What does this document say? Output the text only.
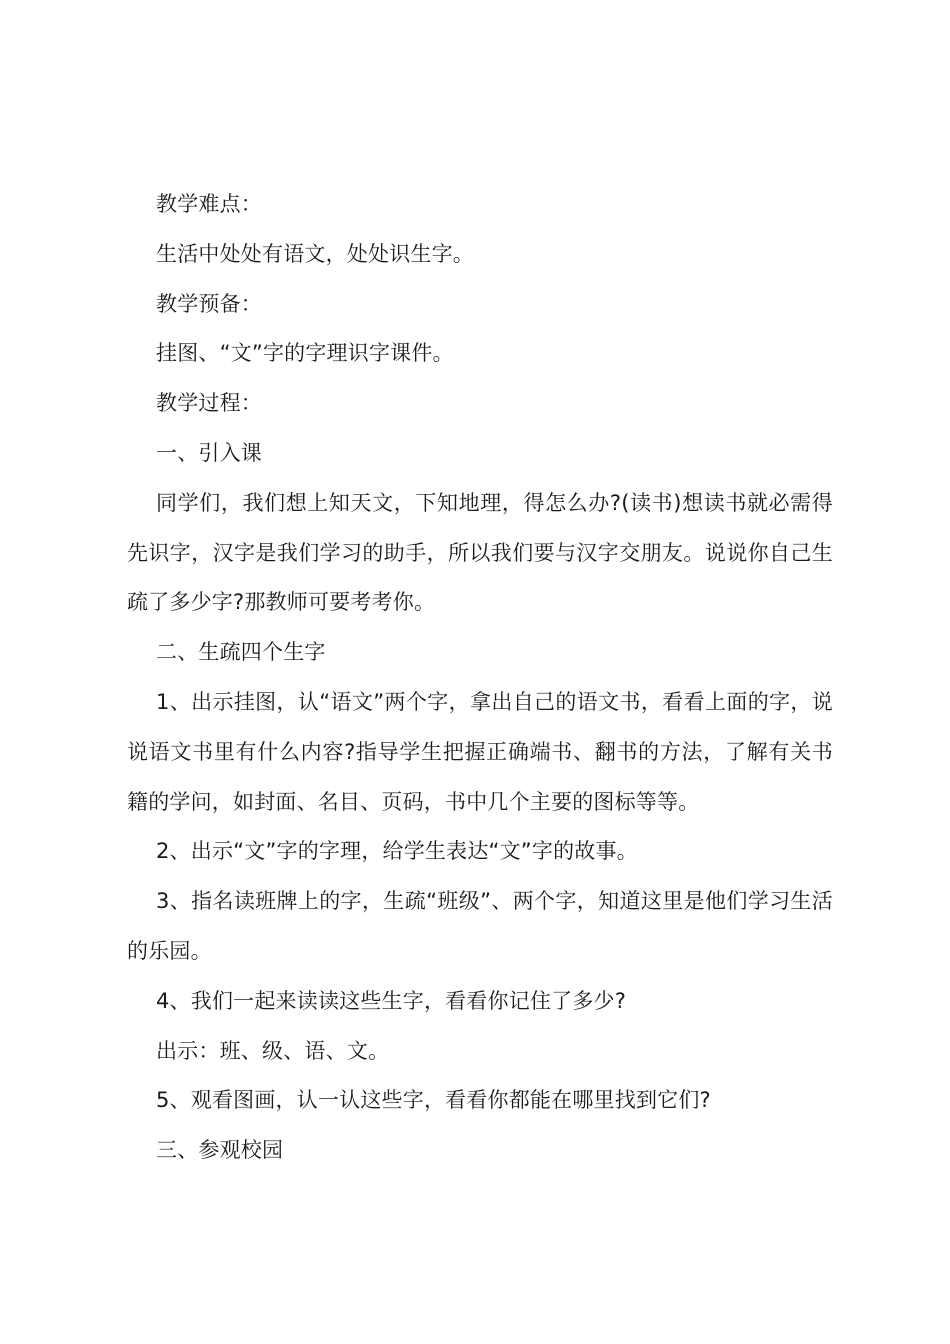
教学难点：

生活中处处有语文，处处识生字。

教学预备：

挂图、“文”字的字理识字课件。

教学过程：

一、引入课

同学们，我们想上知天文，下知地理，得怎么办?(读书)想读书就必需得先识字，汉字是我们学习的助手，所以我们要与汉字交朋友。说说你自己生疏了多少字?那教师可要考考你。

二、生疏四个生字

1、出示挂图，认“语文”两个字，拿出自己的语文书，看看上面的字，说说语文书里有什么内容?指导学生把握正确端书、翻书的方法，了解有关书籍的学问，如封面、名目、页码，书中几个主要的图标等等。

2、出示“文”字的字理，给学生表达“文”字的故事。

3、指名读班牌上的字，生疏“班级”、两个字，知道这里是他们学习生活的乐园。

4、我们一起来读读这些生字，看看你记住了多少?

出示：班、级、语、文。

5、观看图画，认一认这些字，看看你都能在哪里找到它们?

三、参观校园
